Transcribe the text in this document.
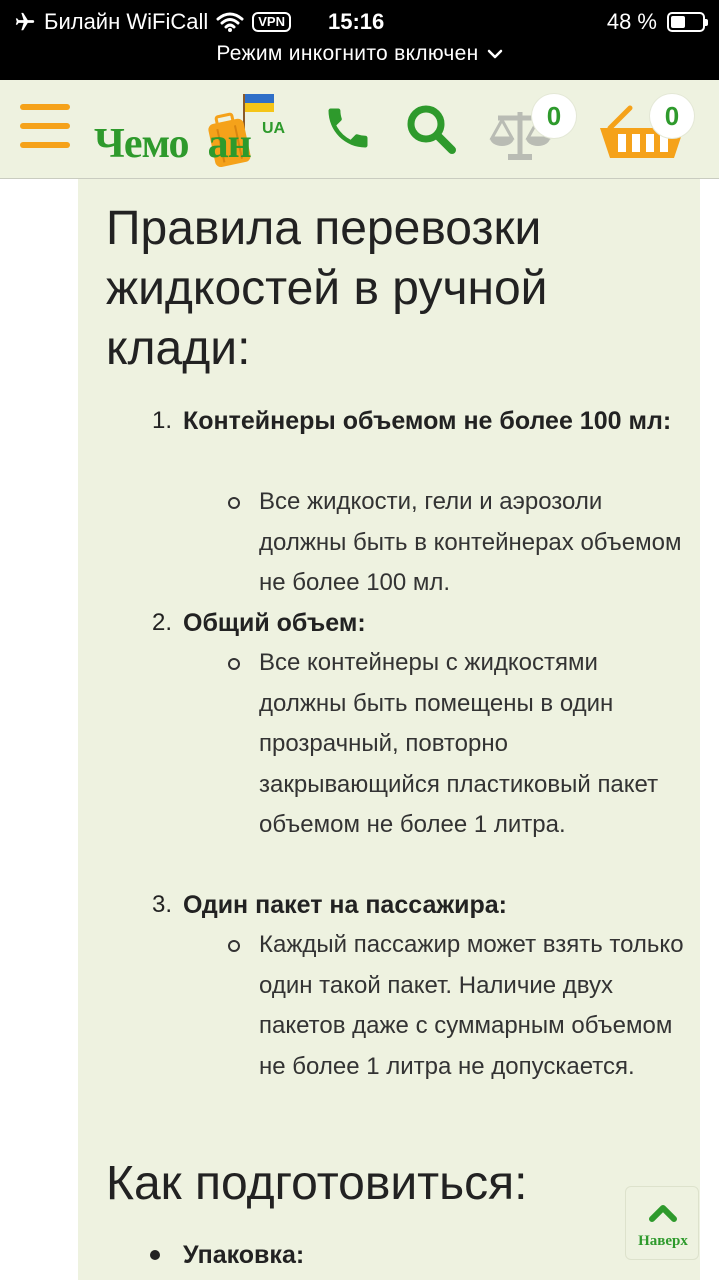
Билайн WiFiCall	VPN 15:16	48 %
Режим инкогнито включен
Чемо ан UA	0	0
Правила перевозки жидкостей в ручной клади:
1. Контейнеры объемом не более 100 мл:
Все жидкости, гели и аэрозоли должны быть в контейнерах объемом не более 100 мл.
2. Общий объем:
Все контейнеры с жидкостями должны быть помещены в один прозрачный, повторно закрывающийся пластиковый пакет объемом не более 1 литра.
3. Один пакет на пассажира:
Каждый пассажир может взять только один такой пакет. Наличие двух пакетов даже с суммарным объемом не более 1 литра не допускается.
Как подготовиться:
Упаковка:	Наверх
